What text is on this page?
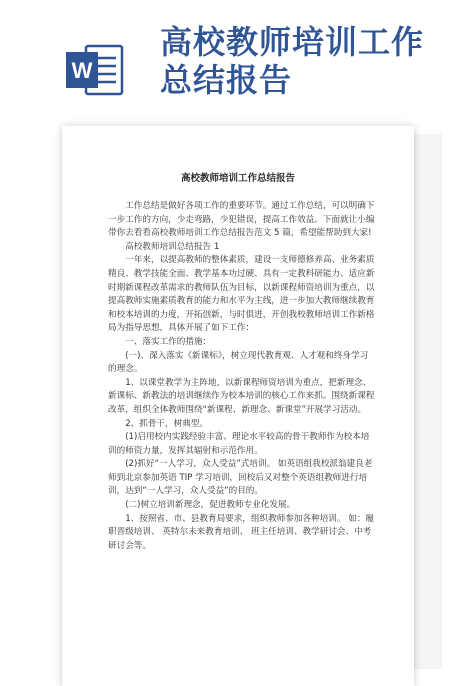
W
高校教师培训工作
总结报告
高校教师培训工作总结报告

工作总结是做好各项工作的重要环节。通过工作总结，可以明确下一步工作的方向，少走弯路，少犯错误，提高工作效益。下面就让小编带你去看看高校教师培训工作总结报告范文 5 篇，希望能帮助到大家!

高校教师培训总结报告 1

一年来，以提高教师的整体素质，建设一支师德修养高、业务素质精良、教学技能全面、教学基本功过硬、具有一定教科研能力、适应新时期新课程改革需求的教师队伍为目标，以新课程师资培训为重点，以提高教师实施素质教育的能力和水平为主线，进一步加大教师继续教育和校本培训的力度，开拓创新，与时俱进，开创我校教师培训工作新格局为指导思想，具体开展了如下工作：

一、落实工作的措施：

(一)、深入落实《新课标》，树立现代教育观、人才观和终身学习的理念。

1、以课堂教学为主阵地，以新课程师资培训为重点，把新理念、新课标、新教法的培训继续作为校本培训的核心工作来抓。围绕新课程改革，组织全体教师围绕“新课程、新理念、新课堂”开展学习活动。

2、抓骨干，树典型。

(1)启用校内实践经验丰富、理论水平较高的骨干教师作为校本培训的师资力量，发挥其辐射和示范作用。

(2)抓好“一人学习，众人受益”式培训。 如英语组我校派翁建良老师到北京参加英语 TIP 学习培训，回校后又对整个英语组教师进行培训，达到“一人学习，众人受益”的目的。

(二)树立培训新理念，促进教师专业化发展。

1、按照省、市、县教育局要求，组织教师参加各种培训。 如：履职晋级培训、 英特尔未来教育培训、 班主任培训、教学研讨会、中考研讨会等。
